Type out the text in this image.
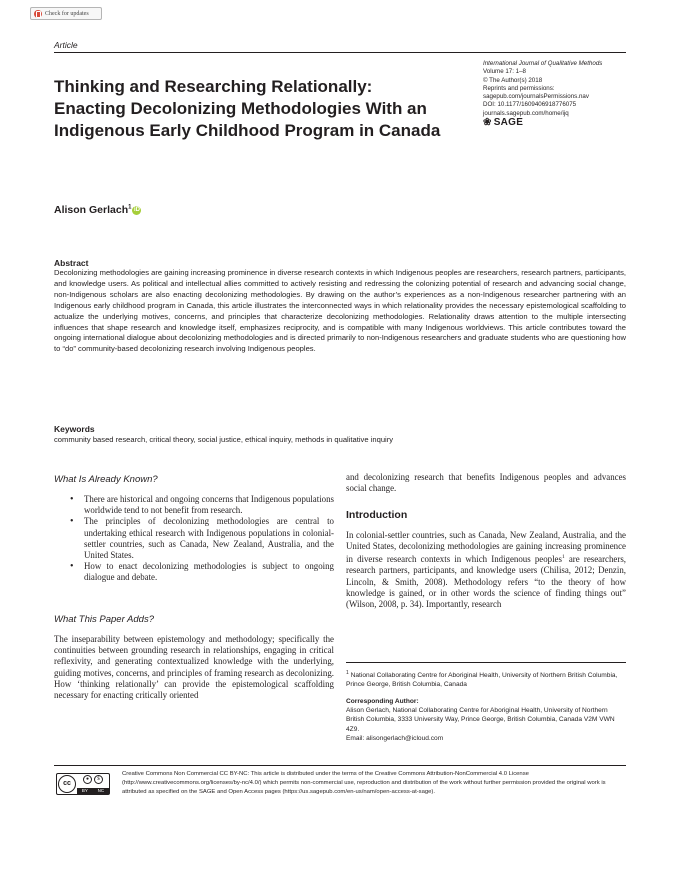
Check for updates
Article
Thinking and Researching Relationally: Enacting Decolonizing Methodologies With an Indigenous Early Childhood Program in Canada
International Journal of Qualitative Methods
Volume 17: 1–8
© The Author(s) 2018
Reprints and permissions:
sagepub.com/journalsPermissions.nav
DOI: 10.1177/1609406918776075
journals.sagepub.com/home/ijq
❀ SAGE
Alison Gerlach$^1$ iD
Abstract

Decolonizing methodologies are gaining increasing prominence in diverse research contexts in which Indigenous peoples are researchers, research partners, participants, and knowledge users. As political and intellectual allies committed to actively resisting and redressing the colonizing potential of research and advancing social change, non-Indigenous scholars are also enacting decolonizing methodologies. By drawing on the author’s experiences as a non-Indigenous researcher partnering with an Indigenous early childhood program in Canada, this article illustrates the interconnected ways in which relationality provides the necessary epistemological scaffolding to actualize the underlying motives, concerns, and principles that characterize decolonizing methodologies. Relationality draws attention to the multiple intersecting influences that shape research and knowledge itself, emphasizes reciprocity, and is compatible with many Indigenous worldviews. This article contributes toward the ongoing international dialogue about decolonizing methodologies and is directed primarily to non-Indigenous researchers and graduate students who are questioning how to “do” community-based decolonizing research involving Indigenous peoples.

Keywords

community based research, critical theory, social justice, ethical inquiry, methods in qualitative inquiry

What Is Already Known?
• There are historical and ongoing concerns that Indigenous populations worldwide tend to not benefit from research.
• The principles of decolonizing methodologies are central to undertaking ethical research with Indigenous populations in colonial-settler countries, such as Canada, New Zealand, Australia, and the United States.
• How to enact decolonizing methodologies is subject to ongoing dialogue and debate.
What This Paper Adds?

The inseparability between epistemology and methodology; specifically the continuities between grounding research in relationships, engaging in critical reflexivity, and generating contextualized knowledge with the underlying, guiding motives, concerns, and principles of framing research as decolonizing. How ‘thinking relationally’ can provide the epistemological scaffolding necessary for enacting critically oriented

and decolonizing research that benefits Indigenous peoples and advances social change.

Introduction

In colonial-settler countries, such as Canada, New Zealand, Australia, and the United States, decolonizing methodologies are gaining increasing prominence in diverse research contexts in which Indigenous peoples$^1$ are researchers, research partners, participants, and knowledge users (Chilisa, 2012; Denzin, Lincoln, & Smith, 2008). Methodology refers “to the theory of how knowledge is gained, or in other words the science of finding things out” (Wilson, 2008, p. 34). Importantly, research

$^1$ National Collaborating Centre for Aboriginal Health, University of Northern British Columbia, Prince George, British Columbia, Canada
Corresponding Author:
Alison Gerlach, National Collaborating Centre for Aboriginal Health, University of Northern British Columbia, 3333 University Way, Prince George, British Columbia, Canada V2M VWN 4Z9.
Email: alisongerlach@icloud.com
cc
●	$
BY NC

Creative Commons Non Commercial CC BY-NC: This article is distributed under the terms of the Creative Commons Attribution-NonCommercial 4.0 License (http://www.creativecommons.org/licenses/by-nc/4.0/) which permits non-commercial use, reproduction and distribution of the work without further permission provided the original work is attributed as specified on the SAGE and Open Access pages (https://us.sagepub.com/en-us/nam/open-access-at-sage).
